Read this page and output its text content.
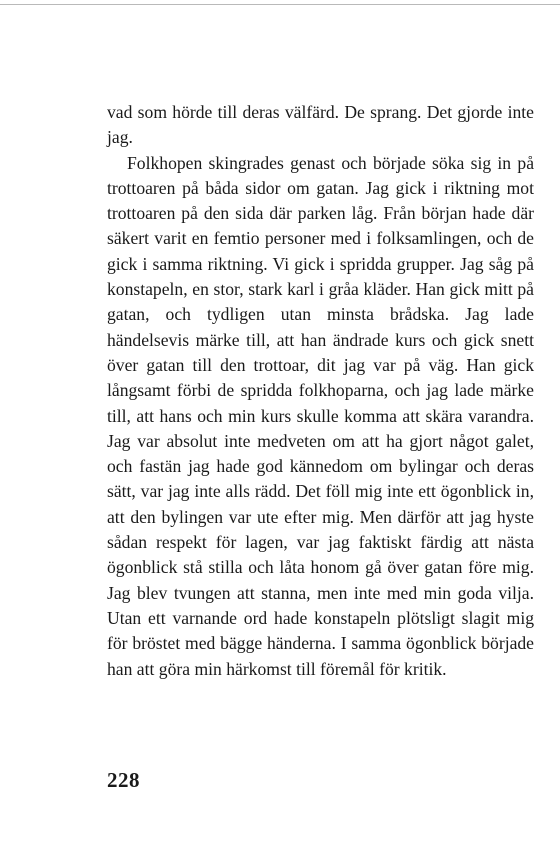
vad som hörde till deras välfärd. De sprang. Det gjorde inte jag.

Folkhopen skingrades genast och började söka sig in på trottoaren på båda sidor om gatan. Jag gick i riktning mot trottoaren på den sida där parken låg. Från början hade där säkert varit en femtio personer med i folksamlingen, och de gick i samma riktning. Vi gick i spridda grupper. Jag såg på konstapeln, en stor, stark karl i gråa kläder. Han gick mitt på gatan, och tydligen utan minsta brådska. Jag lade händelsevis märke till, att han ändrade kurs och gick snett över gatan till den trottoar, dit jag var på väg. Han gick långsamt förbi de spridda folkhoparna, och jag lade märke till, att hans och min kurs skulle komma att skära varandra. Jag var absolut inte medveten om att ha gjort något galet, och fastän jag hade god kännedom om bylingar och deras sätt, var jag inte alls rädd. Det föll mig inte ett ögonblick in, att den bylingen var ute efter mig. Men därför att jag hyste sådan respekt för lagen, var jag faktiskt färdig att nästa ögonblick stå stilla och låta honom gå över gatan före mig. Jag blev tvungen att stanna, men inte med min goda vilja. Utan ett varnande ord hade konstapeln plötsligt slagit mig för bröstet med bägge händerna. I samma ögonblick började han att göra min härkomst till föremål för kritik.

228
